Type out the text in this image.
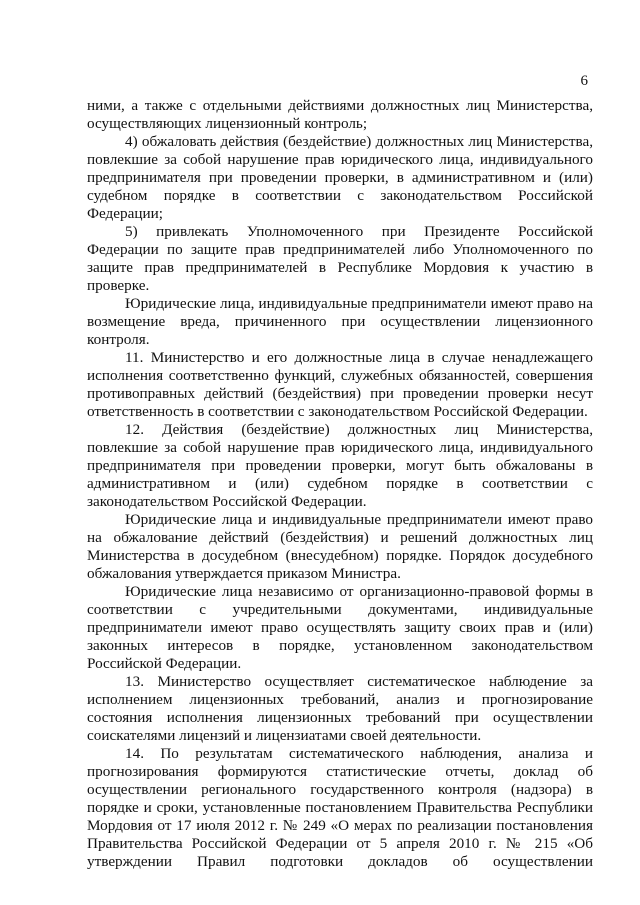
6

ними, а также с отдельными действиями должностных лиц Министерства, осуществляющих лицензионный контроль;

4) обжаловать действия (бездействие) должностных лиц Министерства, повлекшие за собой нарушение прав юридического лица, индивидуального предпринимателя при проведении проверки, в административном и (или) судебном порядке в соответствии с законодательством Российской Федерации;

5) привлекать Уполномоченного при Президенте Российской Федерации по защите прав предпринимателей либо Уполномоченного по защите прав предпринимателей в Республике Мордовия к участию в проверке.

Юридические лица, индивидуальные предприниматели имеют право на возмещение вреда, причиненного при осуществлении лицензионного контроля.

11. Министерство и его должностные лица в случае ненадлежащего исполнения соответственно функций, служебных обязанностей, совершения противоправных действий (бездействия) при проведении проверки несут ответственность в соответствии с законодательством Российской Федерации.

12. Действия (бездействие) должностных лиц Министерства, повлекшие за собой нарушение прав юридического лица, индивидуального предпринимателя при проведении проверки, могут быть обжалованы в административном и (или) судебном порядке в соответствии с законодательством Российской Федерации.

Юридические лица и индивидуальные предприниматели имеют право на обжалование действий (бездействия) и решений должностных лиц Министерства в досудебном (внесудебном) порядке. Порядок досудебного обжалования утверждается приказом Министра.

Юридические лица независимо от организационно-правовой формы в соответствии с учредительными документами, индивидуальные предприниматели имеют право осуществлять защиту своих прав и (или) законных интересов в порядке, установленном законодательством Российской Федерации.

13. Министерство осуществляет систематическое наблюдение за исполнением лицензионных требований, анализ и прогнозирование состояния исполнения лицензионных требований при осуществлении соискателями лицензий и лицензиатами своей деятельности.

14. По результатам систематического наблюдения, анализа и прогнозирования формируются статистические отчеты, доклад об осуществлении регионального государственного контроля (надзора) в порядке и сроки, установленные постановлением Правительства Республики Мордовия от 17 июля 2012 г. № 249 «О мерах по реализации постановления Правительства Российской Федерации от 5 апреля 2010 г. № 215 «Об утверждении Правил подготовки докладов об осуществлении
